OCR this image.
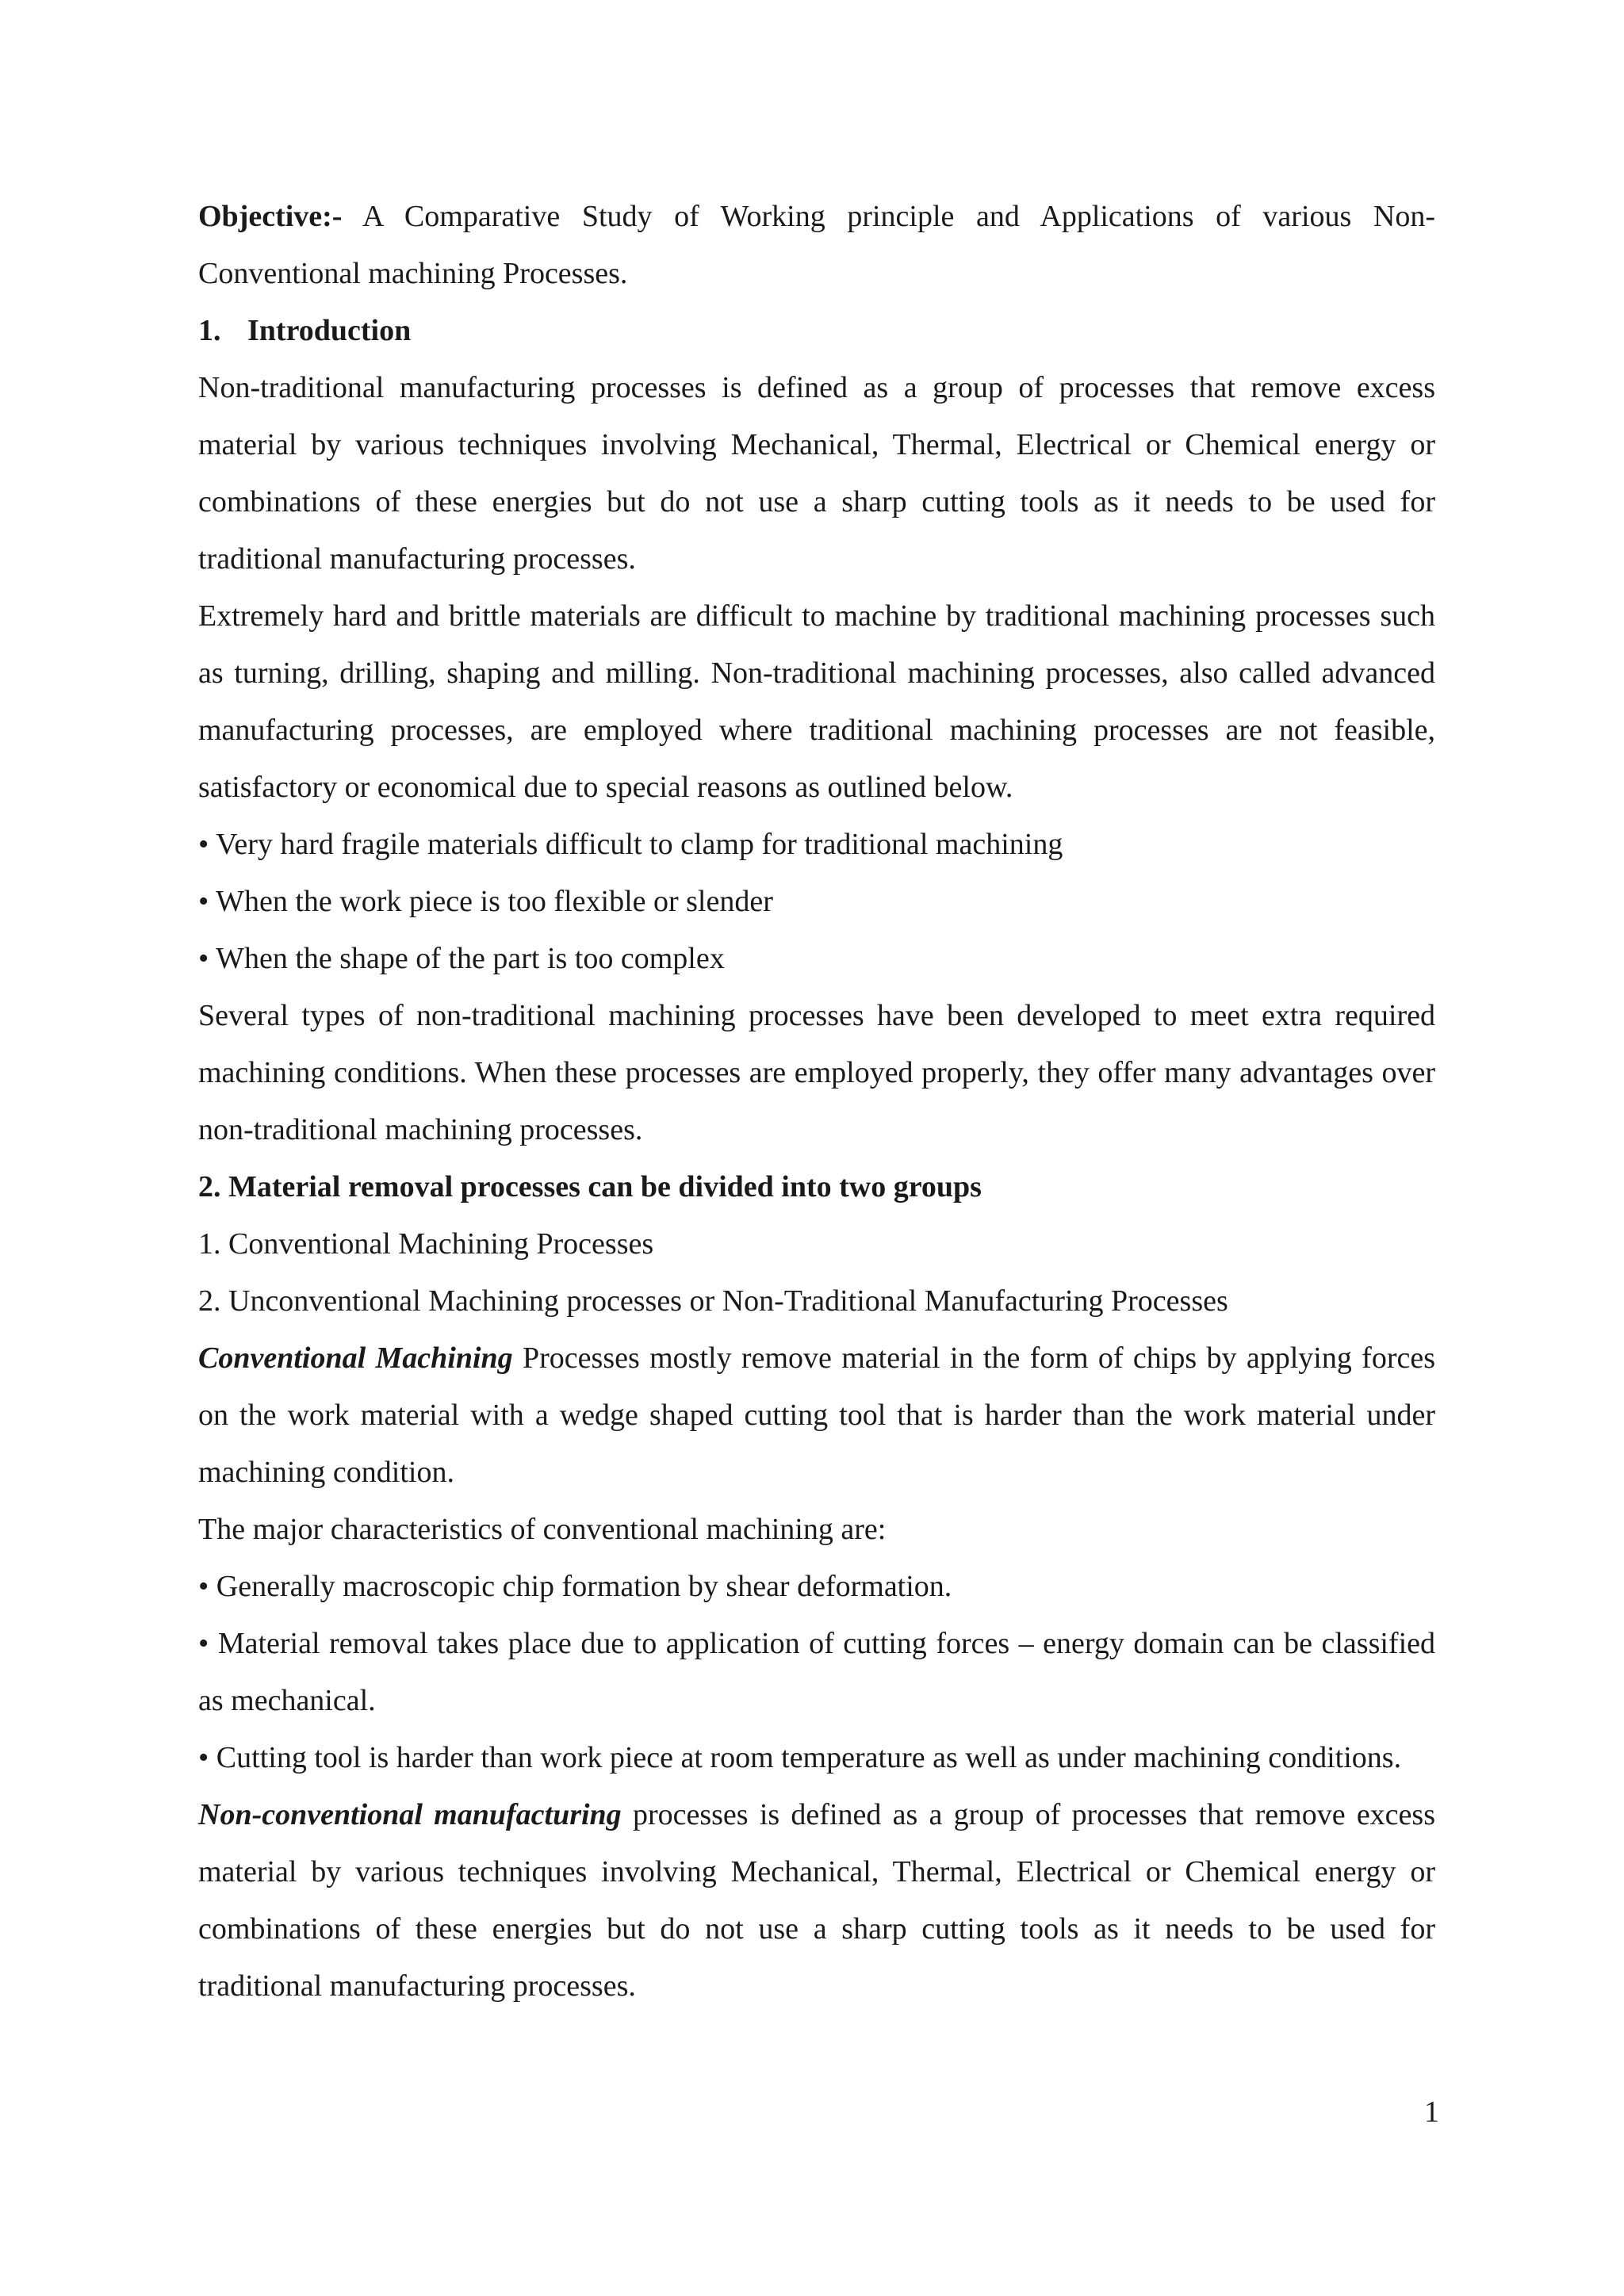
Objective:- A Comparative Study of Working principle and Applications of various Non-Conventional machining Processes.

1. Introduction

Non-traditional manufacturing processes is defined as a group of processes that remove excess material by various techniques involving Mechanical, Thermal, Electrical or Chemical energy or combinations of these energies but do not use a sharp cutting tools as it needs to be used for traditional manufacturing processes.

Extremely hard and brittle materials are difficult to machine by traditional machining processes such as turning, drilling, shaping and milling. Non-traditional machining processes, also called advanced manufacturing processes, are employed where traditional machining processes are not feasible, satisfactory or economical due to special reasons as outlined below.

• Very hard fragile materials difficult to clamp for traditional machining

• When the work piece is too flexible or slender

• When the shape of the part is too complex

Several types of non-traditional machining processes have been developed to meet extra required machining conditions. When these processes are employed properly, they offer many advantages over non-traditional machining processes.

2. Material removal processes can be divided into two groups

1. Conventional Machining Processes

2. Unconventional Machining processes or Non-Traditional Manufacturing Processes

Conventional Machining Processes mostly remove material in the form of chips by applying forces on the work material with a wedge shaped cutting tool that is harder than the work material under machining condition.

The major characteristics of conventional machining are:

• Generally macroscopic chip formation by shear deformation.

• Material removal takes place due to application of cutting forces – energy domain can be classified as mechanical.

• Cutting tool is harder than work piece at room temperature as well as under machining conditions.

Non-conventional manufacturing processes is defined as a group of processes that remove excess material by various techniques involving Mechanical, Thermal, Electrical or Chemical energy or combinations of these energies but do not use a sharp cutting tools as it needs to be used for traditional manufacturing processes.

1
